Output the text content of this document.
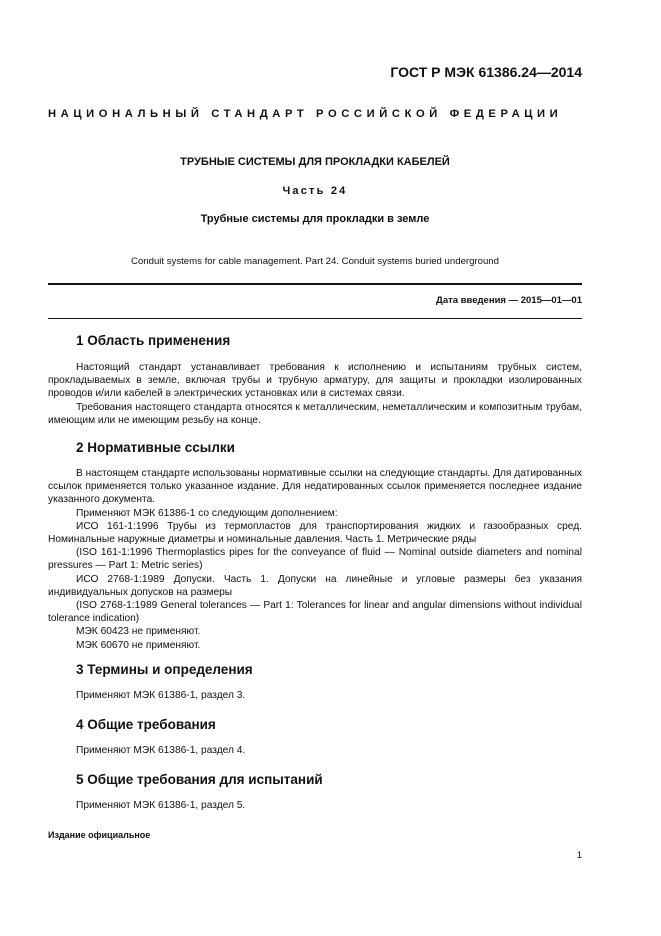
ГОСТ Р МЭК 61386.24—2014
НАЦИОНАЛЬНЫЙ СТАНДАРТ РОССИЙСКОЙ ФЕДЕРАЦИИ
ТРУБНЫЕ СИСТЕМЫ ДЛЯ ПРОКЛАДКИ КАБЕЛЕЙ
Часть 24
Трубные системы для прокладки в земле
Conduit systems for cable management. Part 24. Conduit systems buried underground
Дата введения — 2015—01—01
1 Область применения

Настоящий стандарт устанавливает требования к исполнению и испытаниям трубных систем, прокладываемых в земле, включая трубы и трубную арматуру, для защиты и прокладки изолированных проводов и/или кабелей в электрических установках или в системах связи.

Требования настоящего стандарта относятся к металлическим, неметаллическим и композитным трубам, имеющим или не имеющим резьбу на конце.

2 Нормативные ссылки

В настоящем стандарте использованы нормативные ссылки на следующие стандарты. Для датированных ссылок применяется только указанное издание. Для недатированных ссылок применяется последнее издание указанного документа.

Применяют МЭК 61386-1 со следующим дополнением:

ИСО 161-1:1996 Трубы из термопластов для транспортирования жидких и газообразных сред. Номинальные наружные диаметры и номинальные давления. Часть 1. Метрические ряды

(ISO 161-1:1996 Thermoplastics pipes for the conveyance of fluid — Nominal outside diameters and nominal pressures — Part 1: Metric series)

ИСО 2768-1:1989 Допуски. Часть 1. Допуски на линейные и угловые размеры без указания индивидуальных допусков на размеры

(ISO 2768-1:1989 General tolerances — Part 1: Tolerances for linear and angular dimensions without individual tolerance indication)

МЭК 60423 не применяют.

МЭК 60670 не применяют.

3 Термины и определения
Применяют МЭК 61386-1, раздел 3.
4 Общие требования
Применяют МЭК 61386-1, раздел 4.
5 Общие требования для испытаний
Применяют МЭК 61386-1, раздел 5.
Издание официальное
1
